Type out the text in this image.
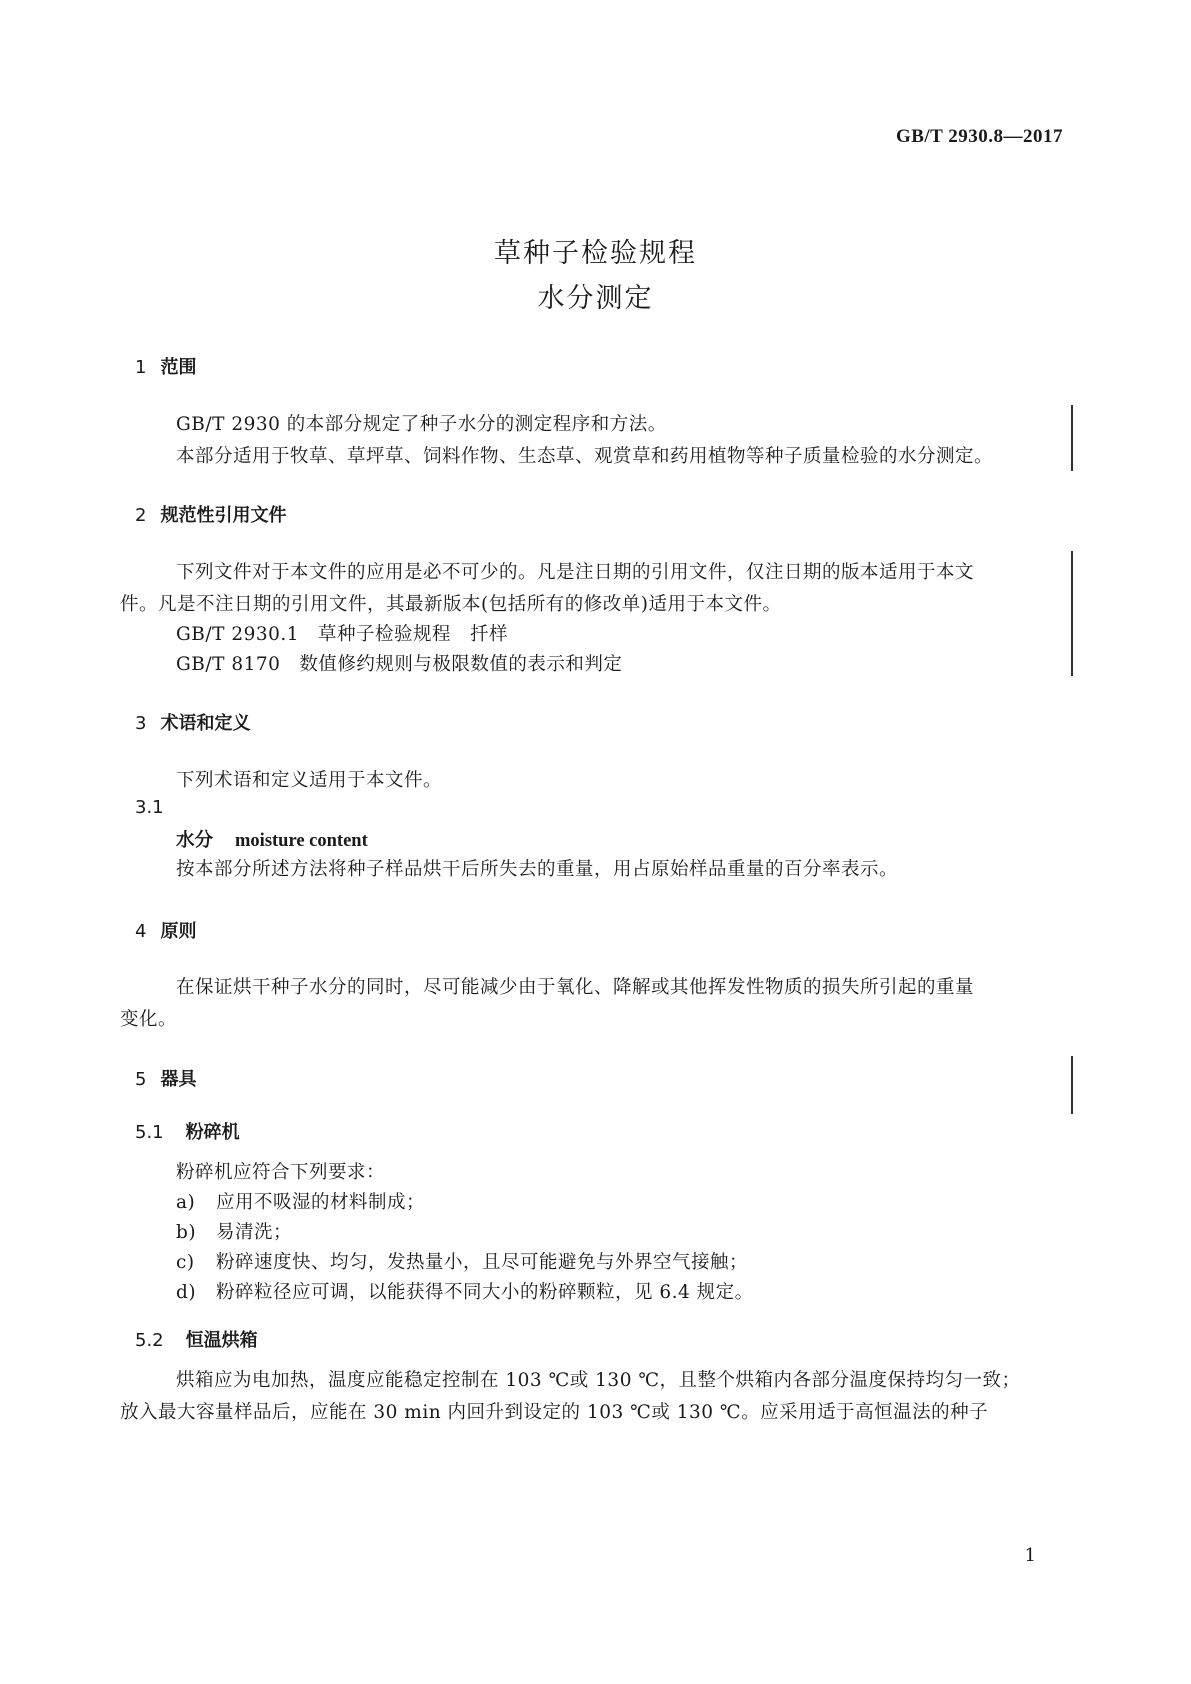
GB/T 2930.8—2017
草种子检验规程
水分测定
1 范围
GB/T 2930 的本部分规定了种子水分的测定程序和方法。
本部分适用于牧草、草坪草、饲料作物、生态草、观赏草和药用植物等种子质量检验的水分测定。
2 规范性引用文件
下列文件对于本文件的应用是必不可少的。凡是注日期的引用文件，仅注日期的版本适用于本文
件。凡是不注日期的引用文件，其最新版本(包括所有的修改单)适用于本文件。
GB/T 2930.1　草种子检验规程　扦样
GB/T 8170　数值修约规则与极限数值的表示和判定
3 术语和定义
下列术语和定义适用于本文件。
3.1
水分 moisture content
按本部分所述方法将种子样品烘干后所失去的重量，用占原始样品重量的百分率表示。
4 原则
在保证烘干种子水分的同时，尽可能减少由于氧化、降解或其他挥发性物质的损失所引起的重量
变化。
5 器具
5.1 粉碎机
粉碎机应符合下列要求：
a) 应用不吸湿的材料制成；
b) 易清洗；
c) 粉碎速度快、均匀，发热量小，且尽可能避免与外界空气接触；
d) 粉碎粒径应可调，以能获得不同大小的粉碎颗粒，见 6.4 规定。
5.2 恒温烘箱
烘箱应为电加热，温度应能稳定控制在 103 ℃或 130 ℃，且整个烘箱内各部分温度保持均匀一致；
放入最大容量样品后，应能在 30 min 内回升到设定的 103 ℃或 130 ℃。应采用适于高恒温法的种子
1
